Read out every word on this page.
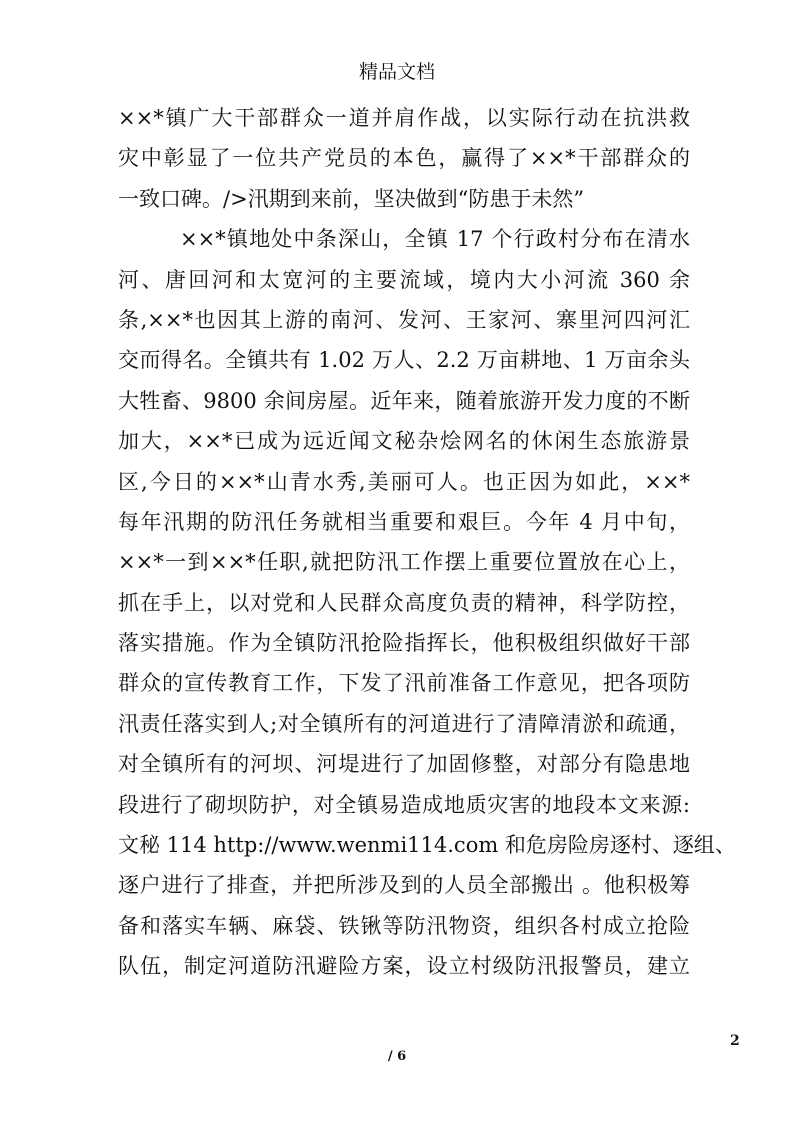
精品文档
××*镇广大干部群众一道并肩作战，以实际行动在抗洪救
灾中彰显了一位共产党员的本色，赢得了××*干部群众的
一致口碑。/>汛期到来前，坚决做到“防患于未然”
××*镇地处中条深山，全镇 17 个行政村分布在清水
河、唐回河和太宽河的主要流域，境内大小河流 360 余
条,××*也因其上游的南河、发河、王家河、寨里河四河汇
交而得名。全镇共有 1.02 万人、2.2 万亩耕地、1 万亩余头
大牲畜、9800 余间房屋。近年来，随着旅游开发力度的不断
加大，××*已成为远近闻文秘杂烩网名的休闲生态旅游景
区,今日的××*山青水秀,美丽可人。也正因为如此，××*
每年汛期的防汛任务就相当重要和艰巨。今年 4 月中旬，
××*一到××*任职,就把防汛工作摆上重要位置放在心上，
抓在手上，以对党和人民群众高度负责的精神，科学防控，
落实措施。作为全镇防汛抢险指挥长，他积极组织做好干部
群众的宣传教育工作，下发了汛前准备工作意见，把各项防
汛责任落实到人;对全镇所有的河道进行了清障清淤和疏通，
对全镇所有的河坝、河堤进行了加固修整，对部分有隐患地
段进行了砌坝防护，对全镇易造成地质灾害的地段本文来源:
文秘 114 http://www.wenmi114.com 和危房险房逐村、逐组、
逐户进行了排查，并把所涉及到的人员全部搬出 。他积极筹
备和落实车辆、麻袋、铁锹等防汛物资，组织各村成立抢险
队伍，制定河道防汛避险方案，设立村级防汛报警员，建立
2
/ 6
